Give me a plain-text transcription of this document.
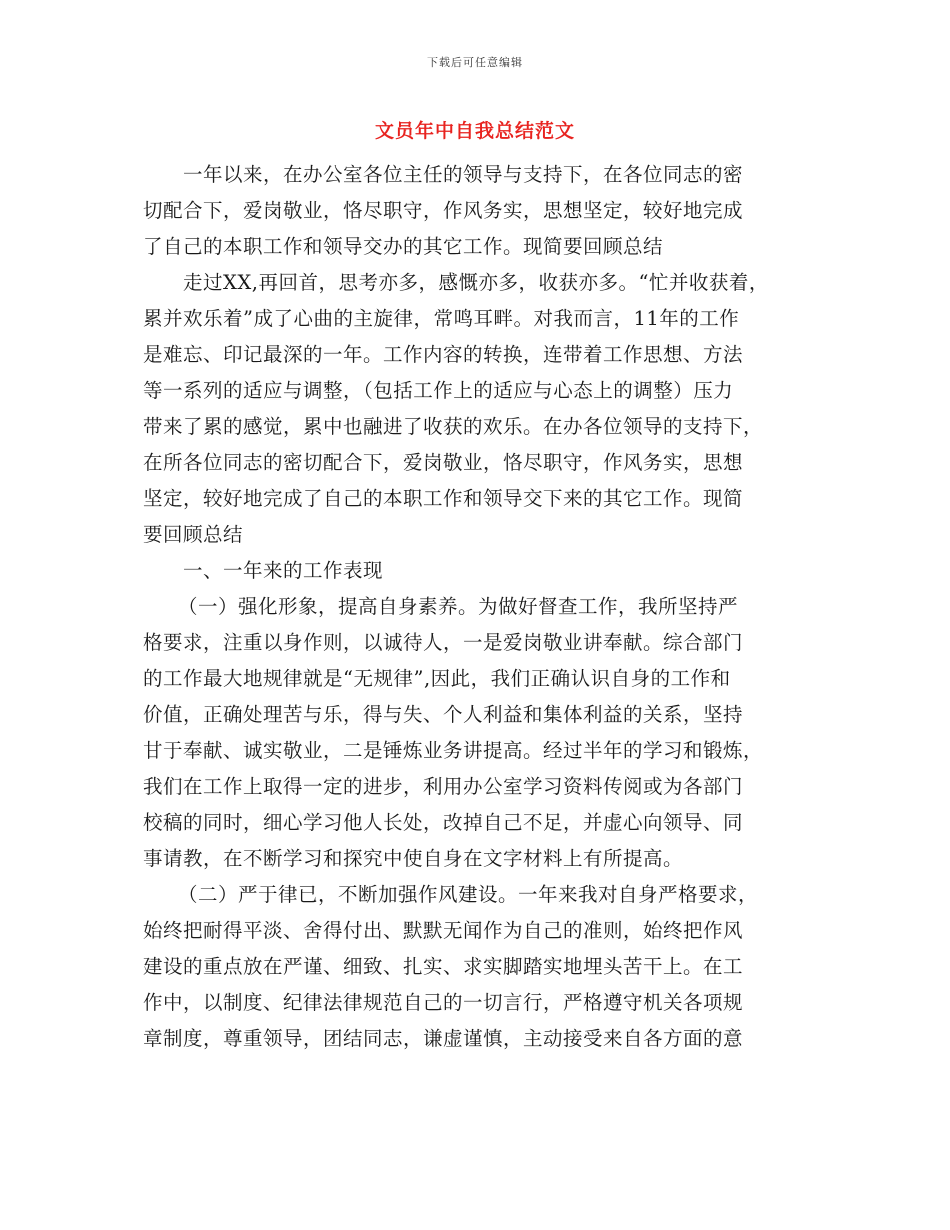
下载后可任意编辑
文员年中自我总结范文
一年以来，在办公室各位主任的领导与支持下，在各位同志的密
切配合下，爱岗敬业，恪尽职守，作风务实，思想坚定，较好地完成
了自己的本职工作和领导交办的其它工作。现简要回顾总结
走过XX,再回首，思考亦多，感慨亦多，收获亦多。“忙并收获着，
累并欢乐着”成了心曲的主旋律，常鸣耳畔。对我而言，11年的工作
是难忘、印记最深的一年。工作内容的转换，连带着工作思想、方法
等一系列的适应与调整，（包括工作上的适应与心态上的调整）压力
带来了累的感觉，累中也融进了收获的欢乐。在办各位领导的支持下，
在所各位同志的密切配合下，爱岗敬业，恪尽职守，作风务实，思想
坚定，较好地完成了自己的本职工作和领导交下来的其它工作。现简
要回顾总结
一、一年来的工作表现
（一）强化形象，提高自身素养。为做好督查工作，我所坚持严
格要求，注重以身作则，以诚待人，一是爱岗敬业讲奉献。综合部门
的工作最大地规律就是“无规律”,因此，我们正确认识自身的工作和
价值，正确处理苦与乐，得与失、个人利益和集体利益的关系，坚持
甘于奉献、诚实敬业，二是锤炼业务讲提高。经过半年的学习和锻炼，
我们在工作上取得一定的进步，利用办公室学习资料传阅或为各部门
校稿的同时，细心学习他人长处，改掉自己不足，并虚心向领导、同
事请教，在不断学习和探究中使自身在文字材料上有所提高。
（二）严于律已，不断加强作风建设。一年来我对自身严格要求，
始终把耐得平淡、舍得付出、默默无闻作为自己的准则，始终把作风
建设的重点放在严谨、细致、扎实、求实脚踏实地埋头苦干上。在工
作中，以制度、纪律法律规范自己的一切言行，严格遵守机关各项规
章制度，尊重领导，团结同志，谦虚谨慎，主动接受来自各方面的意
